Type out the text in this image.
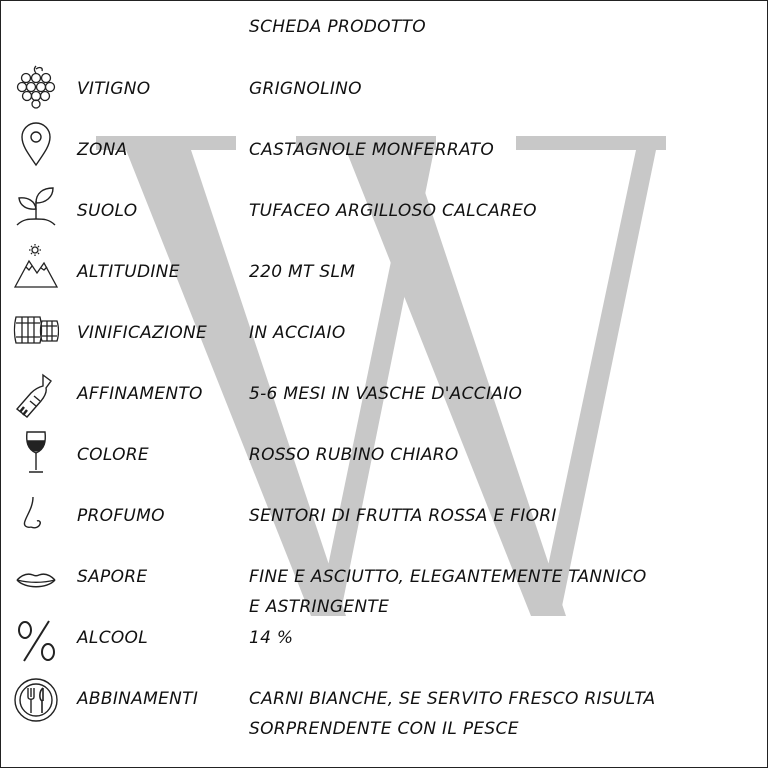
SCHEDA PRODOTTO
VITIGNO	GRIGNOLINO
ZONA	CASTAGNOLE MONFERRATO
SUOLO	TUFACEO ARGILLOSO CALCAREO
ALTITUDINE	220 MT SLM
VINIFICAZIONE IN ACCIAIO
AFFINAMENTO	5-6 MESI IN VASCHE D'ACCIAIO
COLORE	ROSSO RUBINO CHIARO
PROFUMO	SENTORI DI FRUTTA ROSSA E FIORI
SAPORE	FINE E ASCIUTTO, ELEGANTEMENTE TANNICO
E ASTRINGENTE
ALCOOL	14 %
ABBINAMENTI	CARNI BIANCHE, SE SERVITO FRESCO RISULTA
SORPRENDENTE CON IL PESCE
